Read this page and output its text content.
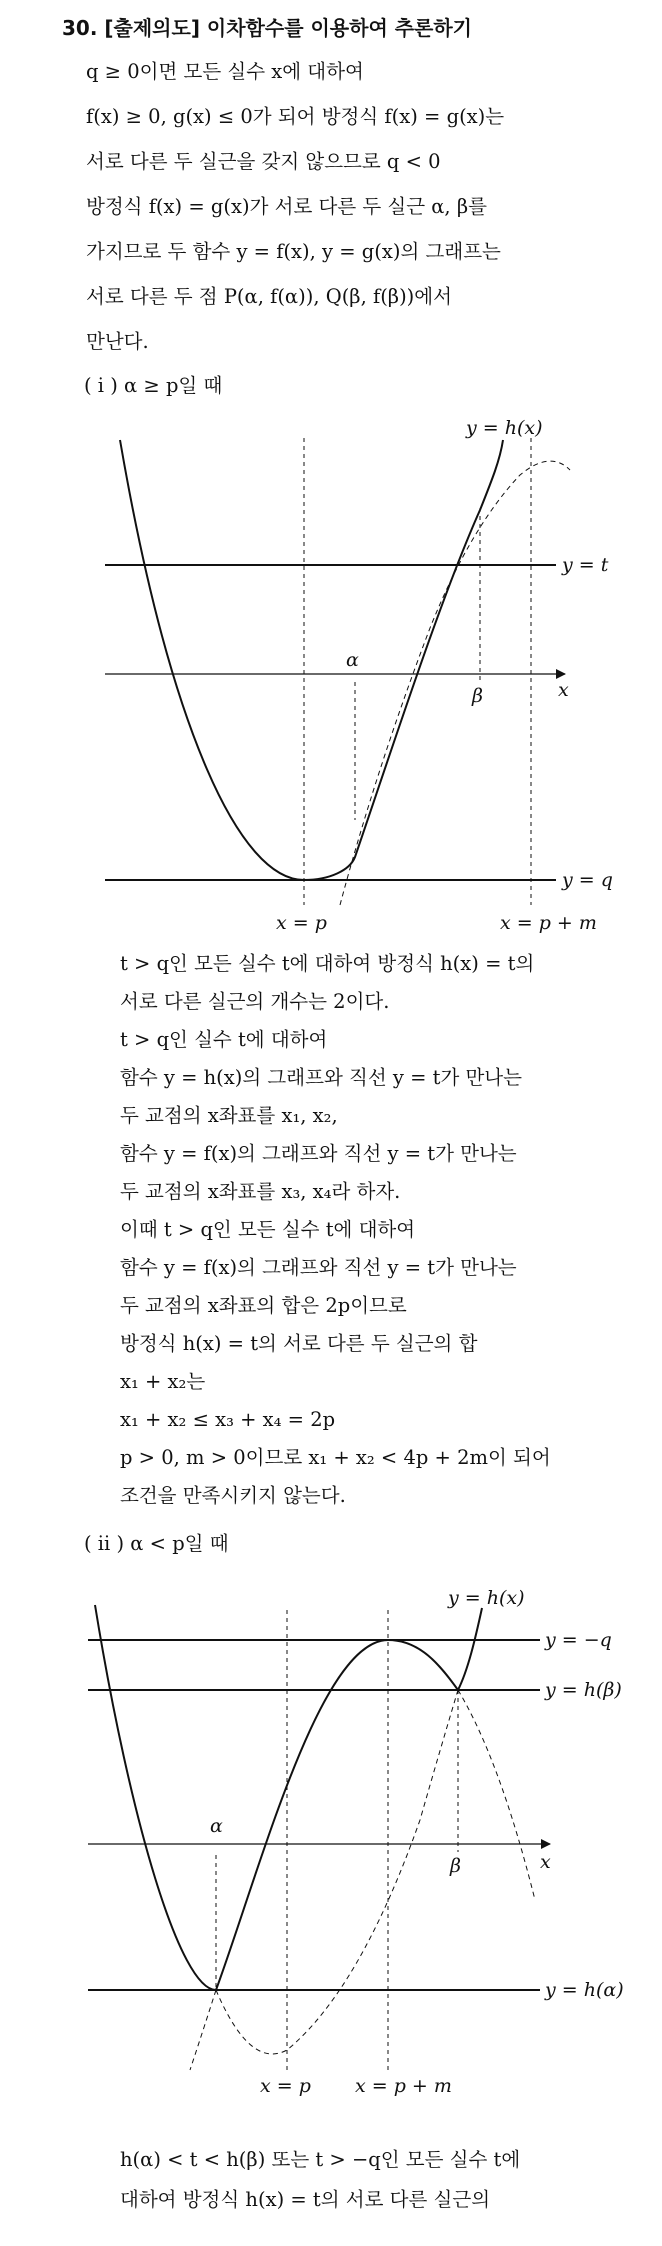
30. [출제의도] 이차함수를 이용하여 추론하기
q ≥ 0이면 모든 실수 x에 대하여
f(x) ≥ 0, g(x) ≤ 0가 되어 방정식 f(x) = g(x)는
서로 다른 두 실근을 갖지 않으므로 q < 0
방정식 f(x) = g(x)가 서로 다른 두 실근 α, β를
가지므로 두 함수 y = f(x), y = g(x)의 그래프는
서로 다른 두 점 P(α, f(α)), Q(β, f(β))에서
만난다.
( i ) α ≥ p일 때
y = h(x)
y = t
α
β	x
y = q
x = p	x = p + m
t > q인 모든 실수 t에 대하여 방정식 h(x) = t의
서로 다른 실근의 개수는 2이다.
t > q인 실수 t에 대하여
함수 y = h(x)의 그래프와 직선 y = t가 만나는
두 교점의 x좌표를 x₁, x₂,
함수 y = f(x)의 그래프와 직선 y = t가 만나는
두 교점의 x좌표를 x₃, x₄라 하자.
이때 t > q인 모든 실수 t에 대하여
함수 y = f(x)의 그래프와 직선 y = t가 만나는
두 교점의 x좌표의 합은 2p이므로
방정식 h(x) = t의 서로 다른 두 실근의 합
x₁ + x₂는
x₁ + x₂ ≤ x₃ + x₄ = 2p
p > 0, m > 0이므로 x₁ + x₂ < 4p + 2m이 되어
조건을 만족시키지 않는다.
( ii ) α < p일 때
y = h(x)
y = −q
y = h(β)
α
β	x
y = h(α)
x = p x = p + m
h(α) < t < h(β) 또는 t > −q인 모든 실수 t에
대하여 방정식 h(x) = t의 서로 다른 실근의
